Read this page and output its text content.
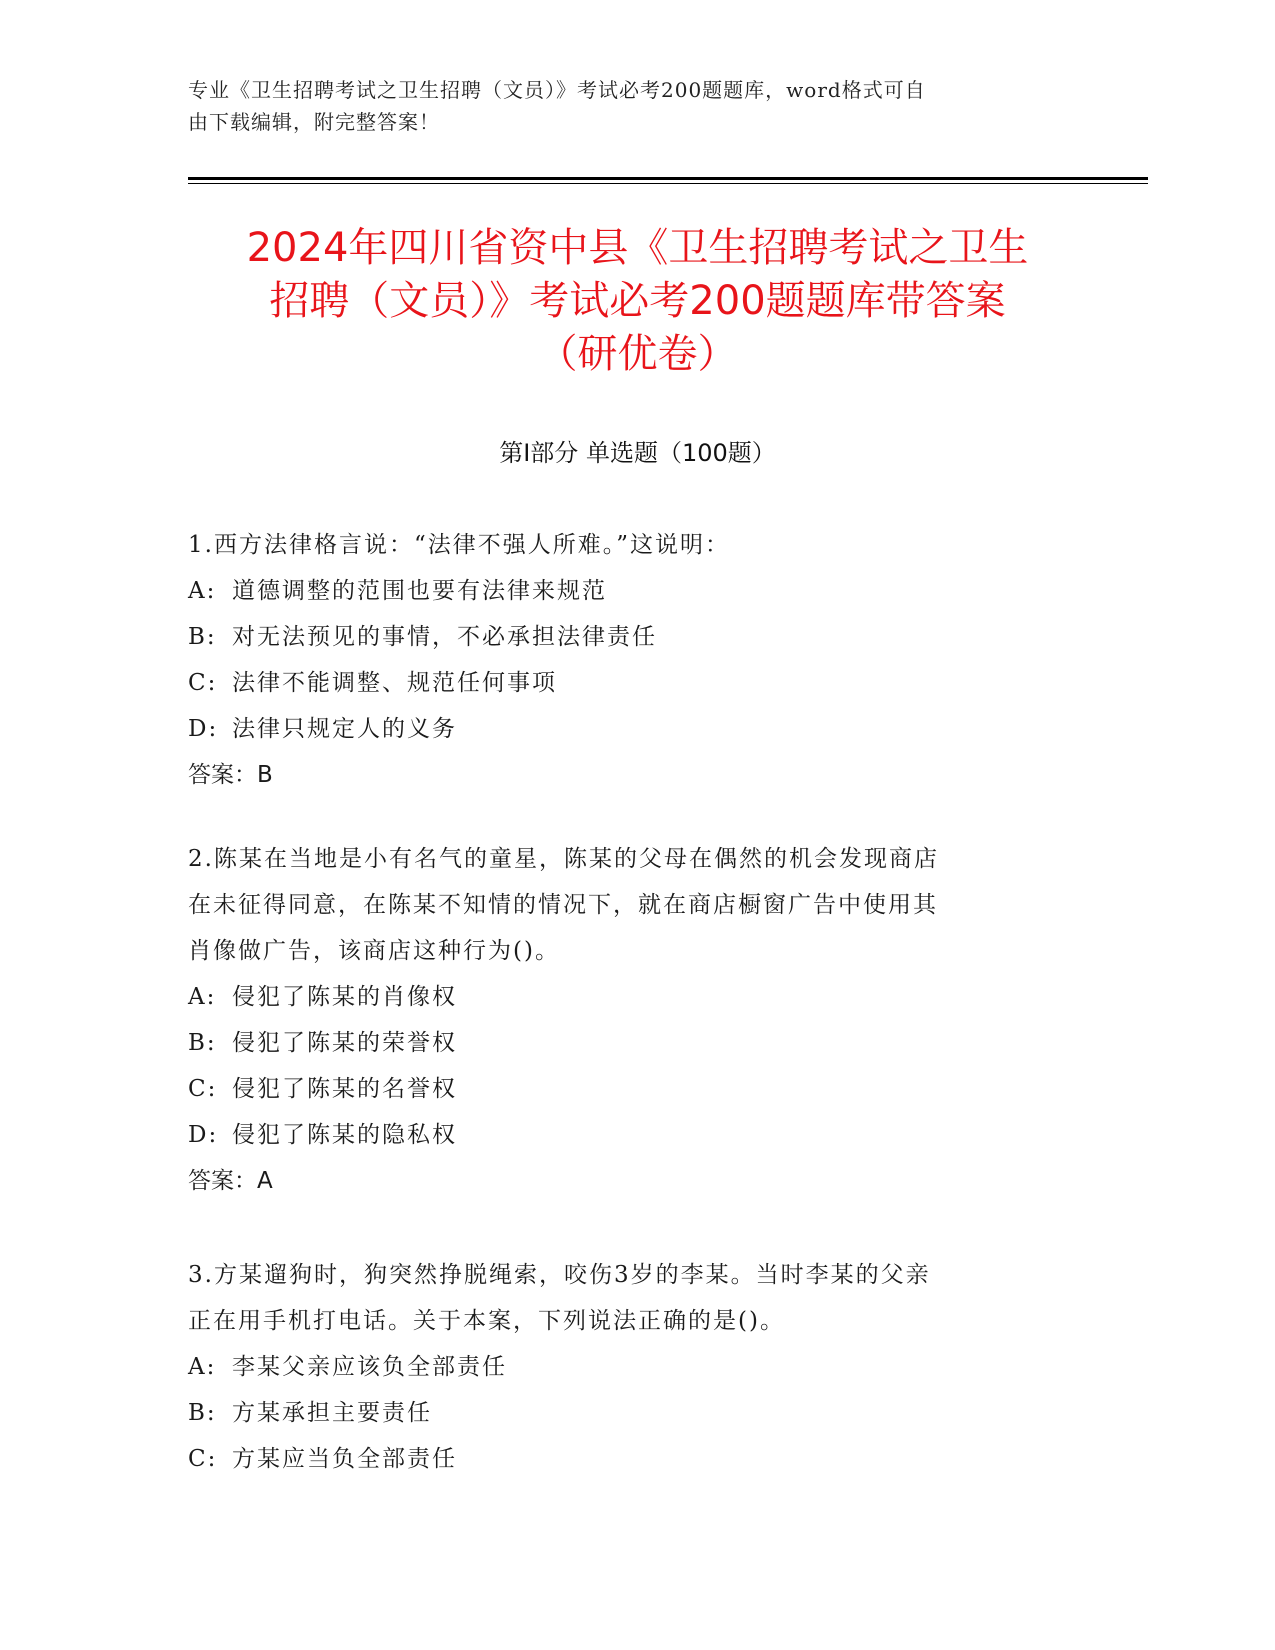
专业《卫生招聘考试之卫生招聘（文员）》考试必考200题题库，word格式可自
由下载编辑，附完整答案！
2024年四川省资中县《卫生招聘考试之卫生
招聘（文员）》考试必考200题题库带答案
（研优卷）
第Ⅰ部分 单选题（100题）
1.西方法律格言说：“法律不强人所难。”这说明：
A: 道德调整的范围也要有法律来规范
B: 对无法预见的事情，不必承担法律责任
C: 法律不能调整、规范任何事项
D: 法律只规定人的义务
答案：B
2.陈某在当地是小有名气的童星，陈某的父母在偶然的机会发现商店
在未征得同意，在陈某不知情的情况下，就在商店橱窗广告中使用其
肖像做广告，该商店这种行为()。
A: 侵犯了陈某的肖像权
B: 侵犯了陈某的荣誉权
C: 侵犯了陈某的名誉权
D: 侵犯了陈某的隐私权
答案：A
3.方某遛狗时，狗突然挣脱绳索，咬伤3岁的李某。当时李某的父亲
正在用手机打电话。关于本案，下列说法正确的是()。
A: 李某父亲应该负全部责任
B: 方某承担主要责任
C: 方某应当负全部责任
